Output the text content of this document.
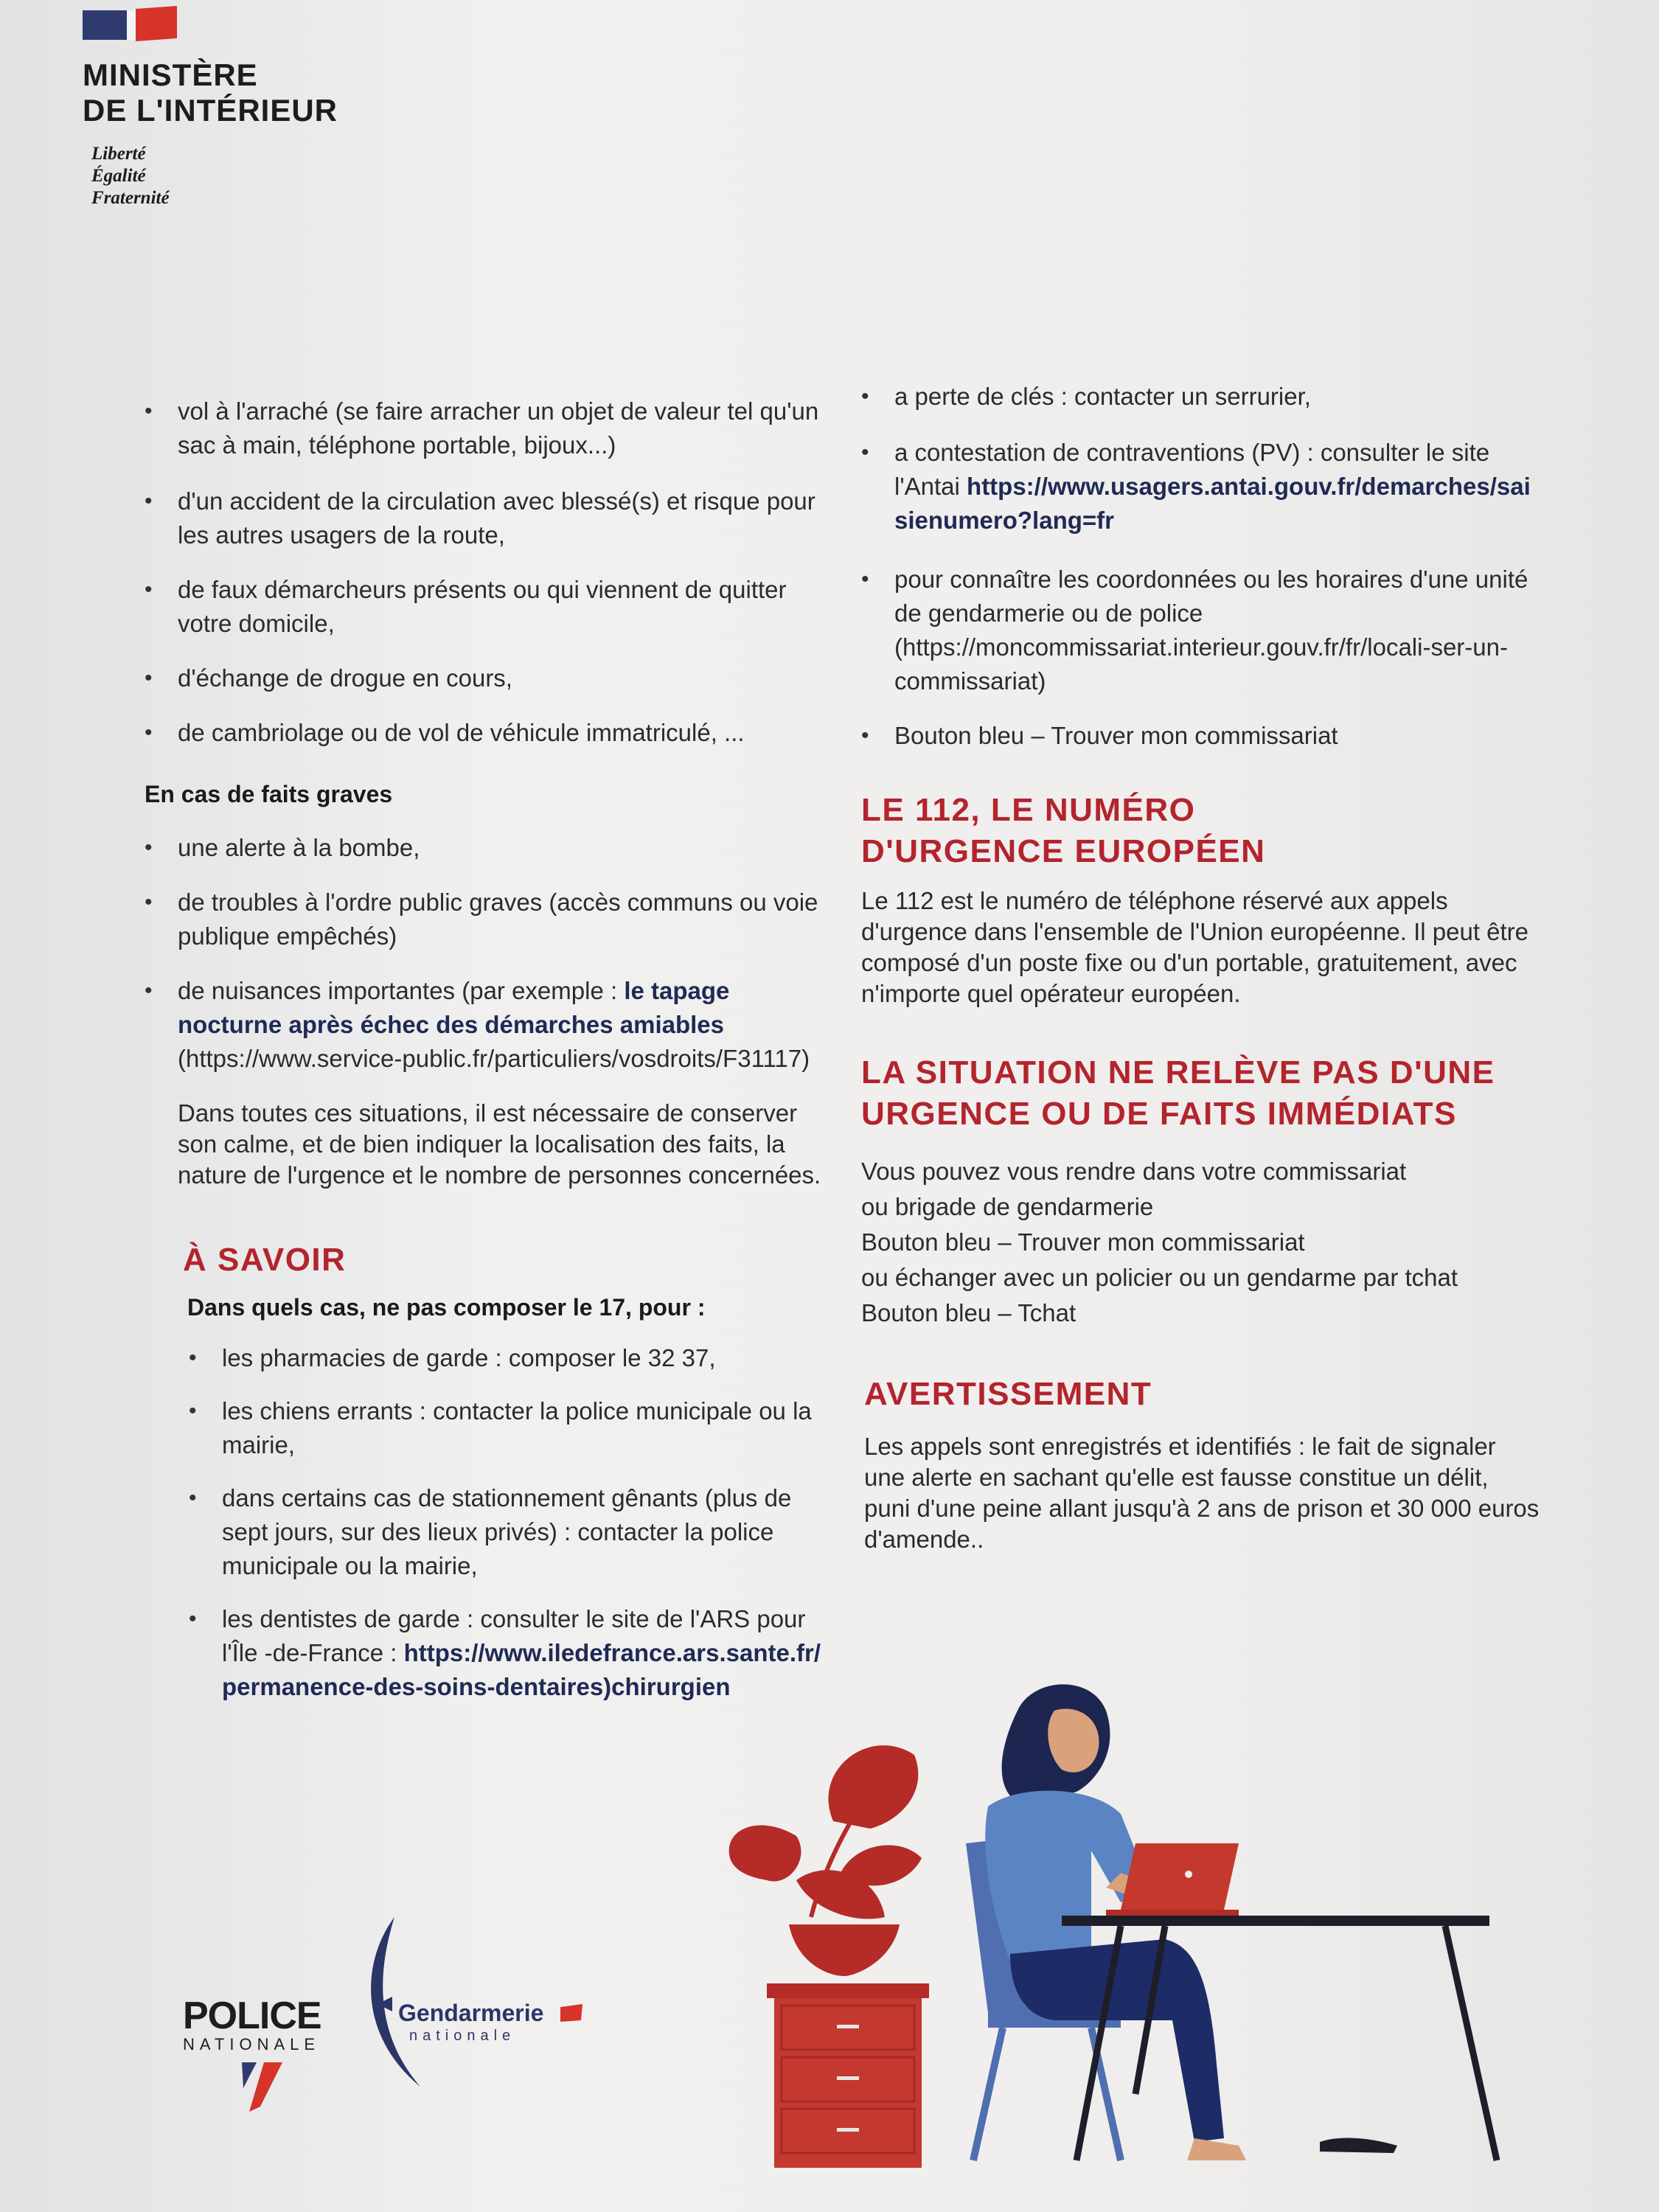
MINISTÈRE
DE L'INTÉRIEUR
Liberté
Égalité
Fraternité
• vol à l'arraché (se faire arracher un objet de valeur tel qu'un sac à main, téléphone portable, bijoux...)
• d'un accident de la circulation avec blessé(s) et risque pour les autres usagers de la route,
• de faux démarcheurs présents ou qui viennent de quitter votre domicile,
• d'échange de drogue en cours,
• de cambriolage ou de vol de véhicule immatriculé, ...
En cas de faits graves
• une alerte à la bombe,
• de troubles à l'ordre public graves (accès communs ou voie publique empêchés)
• de nuisances importantes (par exemple : le tapage nocturne après échec des démarches amiables (https://www.service-public.fr/particuliers/vosdroits/F31117)
Dans toutes ces situations, il est nécessaire de conserver son calme, et de bien indiquer la localisation des faits, la nature de l'urgence et le nombre de personnes concernées.
À SAVOIR
Dans quels cas, ne pas composer le 17, pour :
• les pharmacies de garde : composer le 32 37,
• les chiens errants : contacter la police municipale ou la mairie,
• dans certains cas de stationnement gênants (plus de sept jours, sur des lieux privés) : contacter la police municipale ou la mairie,
• les dentistes de garde : consulter le site de l'ARS pour l'Île -de-France : https://www.iledefrance.ars.sante.fr/permanence-des-soins-dentaires)chirurgien
• a perte de clés : contacter un serrurier,
• a contestation de contraventions (PV) : consulter le site l'Antai https://www.usagers.antai.gouv.fr/demarches/saisienumero?lang=fr
• pour connaître les coordonnées ou les horaires d'une unité de gendarmerie ou de police (https://moncommissariat.interieur.gouv.fr/fr/locali-ser-un-commissariat)
• Bouton bleu – Trouver mon commissariat
LE 112, LE NUMÉRO
D'URGENCE EUROPÉEN
Le 112 est le numéro de téléphone réservé aux appels d'urgence dans l'ensemble de l'Union européenne. Il peut être composé d'un poste fixe ou d'un portable, gratuitement, avec n'importe quel opérateur européen.
LA SITUATION NE RELÈVE PAS D'UNE
URGENCE OU DE FAITS IMMÉDIATS
Vous pouvez vous rendre dans votre commissariat
ou brigade de gendarmerie
Bouton bleu – Trouver mon commissariat
ou échanger avec un policier ou un gendarme par tchat
Bouton bleu – Tchat
AVERTISSEMENT
Les appels sont enregistrés et identifiés : le fait de signaler une alerte en sachant qu'elle est fausse constitue un délit, puni d'une peine allant jusqu'à 2 ans de prison et 30 000 euros d'amende..
POLICE
NATIONALE
Gendarmerie
nationale
